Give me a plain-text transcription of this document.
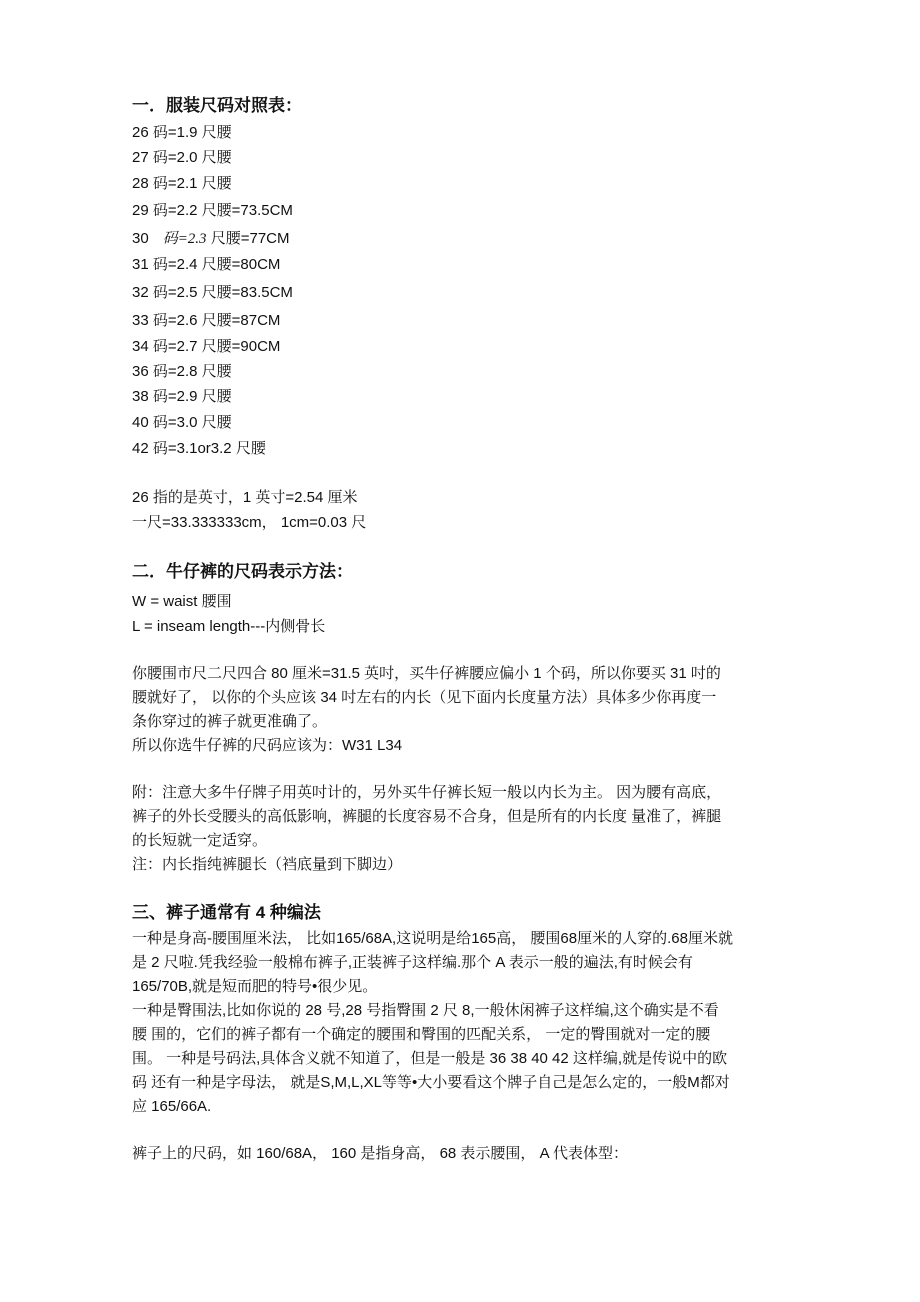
一．服装尺码对照表：
26 码=1.9 尺腰
27 码=2.0 尺腰
28 码=2.1 尺腰
29 码=2.2 尺腰=73.5CM
30 码=2.3 尺腰=77CM
31 码=2.4 尺腰=80CM
32 码=2.5 尺腰=83.5CM
33 码=2.6 尺腰=87CM
34 码=2.7 尺腰=90CM
36 码=2.8 尺腰
38 码=2.9 尺腰
40 码=3.0 尺腰
42 码=3.1or3.2 尺腰
26 指的是英寸，1 英寸=2.54 厘米
一尺=33.333333cm， 1cm=0.03 尺
二．牛仔裤的尺码表示方法：
W = waist 腰围
L = inseam length---内侧骨长
你腰围市尺二尺四合 80 厘米=31.5 英吋，买牛仔裤腰应偏小 1 个码，所以你要买 31 吋的
腰就好了， 以你的个头应该 34 吋左右的内长（见下面内长度量方法）具体多少你再度一
条你穿过的裤子就更准确了。
所以你选牛仔裤的尺码应该为：W31 L34
附：注意大多牛仔牌子用英吋计的，另外买牛仔裤长短一般以内长为主。 因为腰有高底，
裤子的外长受腰头的高低影响，裤腿的长度容易不合身，但是所有的内长度 量准了，裤腿
的长短就一定适穿。
注：内长指纯裤腿长（裆底量到下脚边）
三、裤子通常有 4 种编法
一种是身高-腰围厘米法， 比如165/68A,这说明是给165高， 腰围68厘米的人穿的.68厘米就
是 2 尺啦.凭我经验一般棉布裤子,正装裤子这样编.那个 A 表示一般的遍法,有时候会有
165/70B,就是短而肥的特号•很少见。
一种是臀围法,比如你说的 28 号,28 号指臀围 2 尺 8,一般休闲裤子这样编,这个确实是不看
腰 围的，它们的裤子都有一个确定的腰围和臀围的匹配关系， 一定的臀围就对一定的腰
围。 一种是号码法,具体含义就不知道了，但是一般是 36 38 40 42 这样编,就是传说中的欧
码 还有一种是字母法， 就是S,M,L,XL等等•大小要看这个牌子自己是怎么定的，一般M都对
应 165/66A.
裤子上的尺码，如 160/68A， 160 是指身高， 68 表示腰围， A 代表体型：
